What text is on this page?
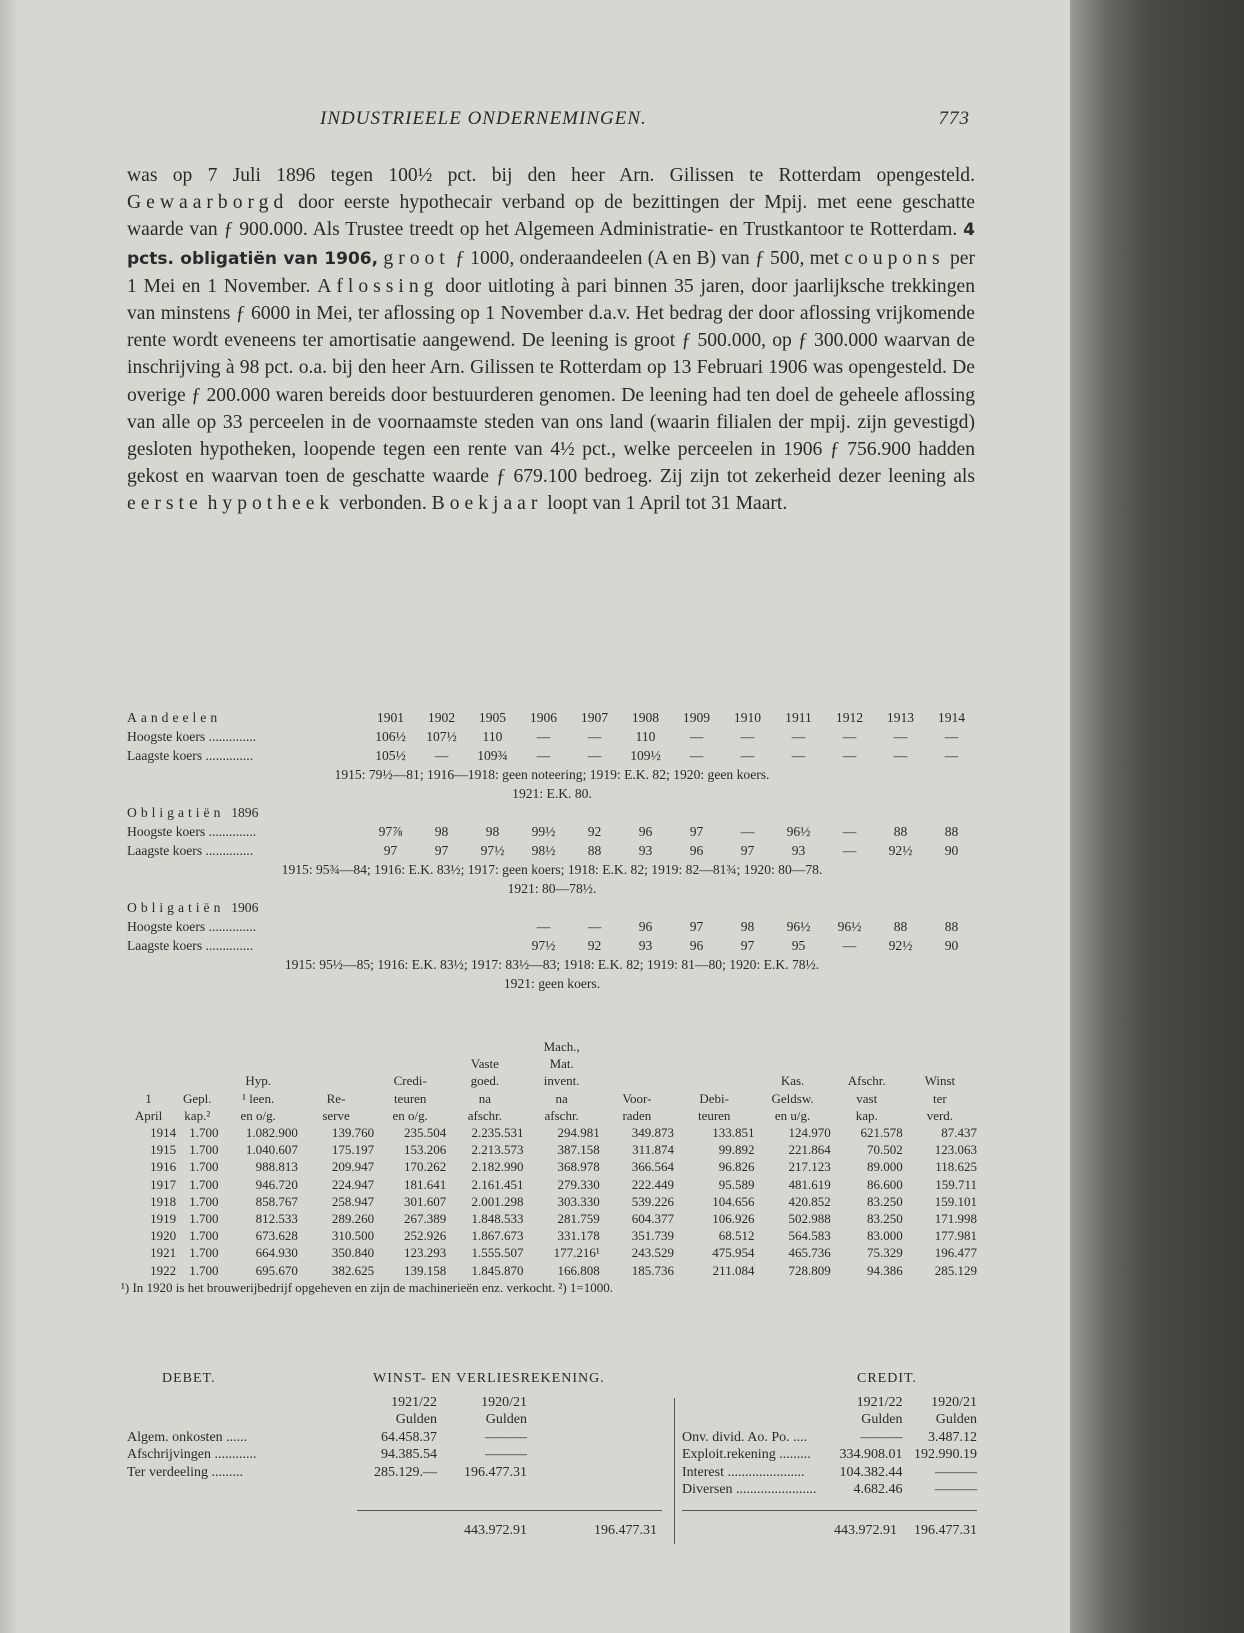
INDUSTRIEELE ONDERNEMINGEN.	773

was op 7 Juli 1896 tegen 100½ pct. bij den heer Arn. Gilissen te Rotterdam opengesteld. Gewaarborgd door eerste hypothecair verband op de bezittingen der Mpij. met eene geschatte waarde van ƒ 900.000. Als Trustee treedt op het Algemeen Administratie- en Trustkantoor te Rotterdam. 4 pcts. obligatiën van 1906, groot ƒ 1000, onderaandeelen (A en B) van ƒ 500, met coupons per 1 Mei en 1 November. Aflossing door uitloting à pari binnen 35 jaren, door jaarlijksche trekkingen van minstens ƒ 6000 in Mei, ter aflossing op 1 November d.a.v. Het bedrag der door aflossing vrijkomende rente wordt eveneens ter amortisatie aangewend. De leening is groot ƒ 500.000, op ƒ 300.000 waarvan de inschrijving à 98 pct. o.a. bij den heer Arn. Gilissen te Rotterdam op 13 Februari 1906 was opengesteld. De overige ƒ 200.000 waren bereids door bestuurderen genomen. De leening had ten doel de geheele aflossing van alle op 33 perceelen in de voornaamste steden van ons land (waarin filialen der mpij. zijn gevestigd) gesloten hypotheken, loopende tegen een rente van 4½ pct., welke perceelen in 1906 ƒ 756.900 hadden gekost en waarvan toen de geschatte waarde ƒ 679.100 bedroeg. Zij zijn tot zekerheid dezer leening als eerste hypotheek verbonden. Boekjaar loopt van 1 April tot 31 Maart.

Aandeelen	1901	1902	1905	1906	1907	1908	1909	1910	1911	1912	1913	1914
Hoogste koers ..............	106½	107½	110	—	—	110	—	—	—	—	—	—
Laagste koers ..............	105½	—	109¾	—	—	109½	—	—	—	—	—	—
1915: 79½—81; 1916—1918: geen noteering; 1919: E.K. 82; 1920: geen koers.												
1921: E.K. 80.												
Obligatiën 1896												
Hoogste koers ..............	97⅞	98	98	99½	92	96	97	—	96½	—	88	88
Laagste koers ..............	97	97	97½	98½	88	93	96	97	93	—	92½	90
1915: 95¾—84; 1916: E.K. 83½; 1917: geen koers; 1918: E.K. 82; 1919: 82—81¾; 1920: 80—78.												
1921: 80—78½.												
Obligatiën 1906												
Hoogste koers ..............				—	—	96	97	98	96½	96½	88	88
Laagste koers ..............				97½	92	93	96	97	95	—	92½	90
1915: 95½—85; 1916: E.K. 83½; 1917: 83½—83; 1918: E.K. 82; 1919: 81—80; 1920: E.K. 78½.												
1921: geen koers.												
						Mach.,					
					Vaste	Mat.					
		Hyp.		Credi-	goed.	invent.			Kas.	Afschr.	Winst
1	Gepl.	¹ leen.	Re-	teuren	na	na	Voor-	Debi-	Geldsw.	vast	ter
April	kap.²	en o/g.	serve	en o/g.	afschr.	afschr.	raden	teuren	en u/g.	kap.	verd.
1914	1.700	1.082.900	139.760	235.504	2.235.531	294.981	349.873	133.851	124.970	621.578	87.437
1915	1.700	1.040.607	175.197	153.206	2.213.573	387.158	311.874	99.892	221.864	70.502	123.063
1916	1.700	988.813	209.947	170.262	2.182.990	368.978	366.564	96.826	217.123	89.000	118.625
1917	1.700	946.720	224.947	181.641	2.161.451	279.330	222.449	95.589	481.619	86.600	159.711
1918	1.700	858.767	258.947	301.607	2.001.298	303.330	539.226	104.656	420.852	83.250	159.101
1919	1.700	812.533	289.260	267.389	1.848.533	281.759	604.377	106.926	502.988	83.250	171.998
1920	1.700	673.628	310.500	252.926	1.867.673	331.178	351.739	68.512	564.583	83.000	177.981
1921	1.700	664.930	350.840	123.293	1.555.507	177.216¹	243.529	475.954	465.736	75.329	196.477
1922	1.700	695.670	382.625	139.158	1.845.870	166.808	185.736	211.084	728.809	94.386	285.129
¹) In 1920 is het brouwerijbedrijf opgeheven en zijn de machinerieën enz. verkocht. ²) 1=1000.											
DEBET.	WINST- EN VERLIESREKENING.	CREDIT.
	1921/22	1920/21
	Gulden	Gulden
Algem. onkosten ......	64.458.37	———
Afschrijvingen ............	94.385.54	———
Ter verdeeling .........	285.129.—	196.477.31
	1921/22	1920/21
	Gulden	Gulden
Onv. divid. Ao. Po. ....	———	3.487.12
Exploit.rekening .........	334.908.01	192.990.19
Interest ......................	104.382.44	———
Diversen .......................	4.682.46	———
443.972.91	196.477.31	443.972.91	196.477.31
